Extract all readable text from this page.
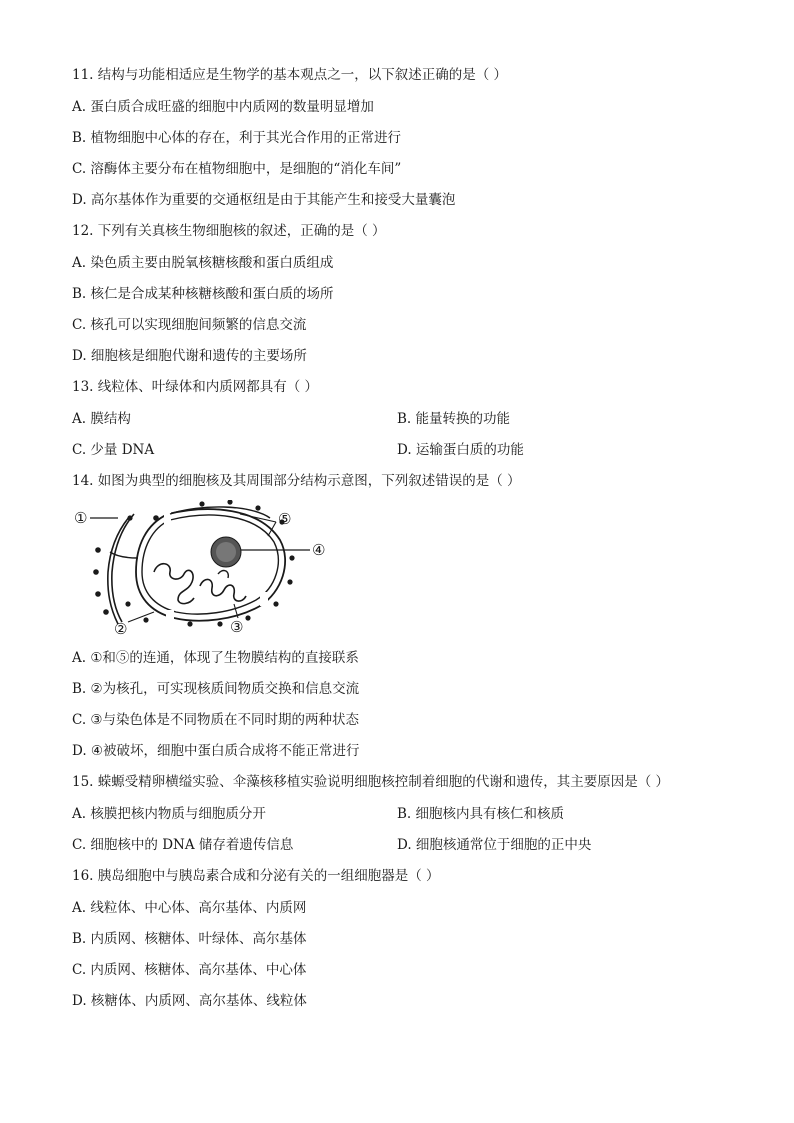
11. 结构与功能相适应是生物学的基本观点之一，以下叙述正确的是（ ）
A. 蛋白质合成旺盛的细胞中内质网的数量明显增加
B. 植物细胞中心体的存在，利于其光合作用的正常进行
C. 溶酶体主要分布在植物细胞中，是细胞的“消化车间”
D. 高尔基体作为重要的交通枢纽是由于其能产生和接受大量囊泡
12. 下列有关真核生物细胞核的叙述，正确的是（ ）
A. 染色质主要由脱氧核糖核酸和蛋白质组成
B. 核仁是合成某种核糖核酸和蛋白质的场所
C. 核孔可以实现细胞间频繁的信息交流
D. 细胞核是细胞代谢和遗传的主要场所
13. 线粒体、叶绿体和内质网都具有（ ）
A. 膜结构	B. 能量转换的功能
C. 少量 DNA	D. 运输蛋白质的功能
14. 如图为典型的细胞核及其周围部分结构示意图，下列叙述错误的是（ ）
①
④
⑤
②	③
A. ①和⑤的连通，体现了生物膜结构的直接联系
B. ②为核孔，可实现核质间物质交换和信息交流
C. ③与染色体是不同物质在不同时期的两种状态
D. ④被破坏，细胞中蛋白质合成将不能正常进行
15. 蝾螈受精卵横缢实验、伞藻核移植实验说明细胞核控制着细胞的代谢和遗传，其主要原因是（ ）
A. 核膜把核内物质与细胞质分开	B. 细胞核内具有核仁和核质
C. 细胞核中的 DNA 储存着遗传信息	D. 细胞核通常位于细胞的正中央
16. 胰岛细胞中与胰岛素合成和分泌有关的一组细胞器是（ ）
A. 线粒体、中心体、高尔基体、内质网
B. 内质网、核糖体、叶绿体、高尔基体
C. 内质网、核糖体、高尔基体、中心体
D. 核糖体、内质网、高尔基体、线粒体
